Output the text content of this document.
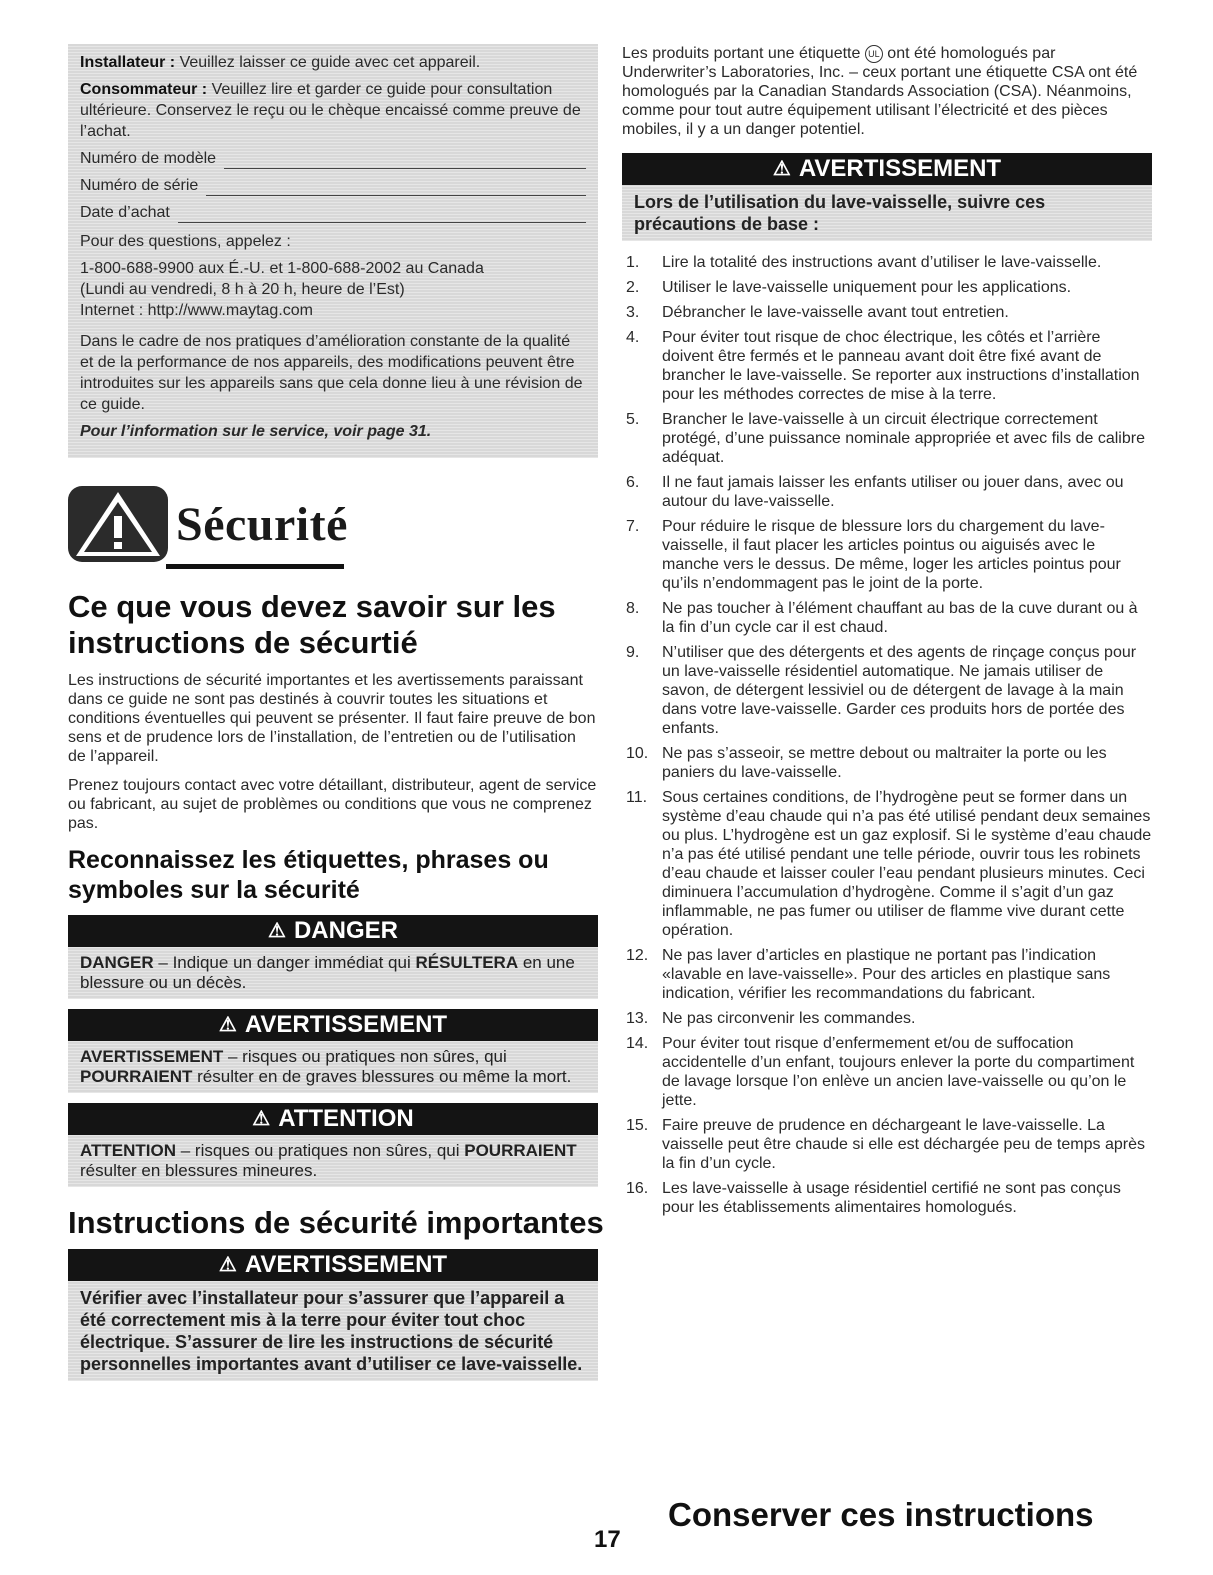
Installateur : Veuillez laisser ce guide avec cet appareil.

Consommateur : Veuillez lire et garder ce guide pour consultation ultérieure. Conservez le reçu ou le chèque encaissé comme preuve de l’achat.

Numéro de modèle
Numéro de série
Date d’achat

Pour des questions, appelez :

1-800-688-9900 aux É.-U. et 1-800-688-2002 au Canada

(Lundi au vendredi, 8 h à 20 h, heure de l’Est)

Internet : http://www.maytag.com

Dans le cadre de nos pratiques d’amélioration constante de la qualité et de la performance de nos appareils, des modifications peuvent être introduites sur les appareils sans que cela donne lieu à une révision de ce guide.

Pour l’information sur le service, voir page 31.

Sécurité
Ce que vous devez savoir sur les instructions de sécurtié

Les instructions de sécurité importantes et les avertissements paraissant dans ce guide ne sont pas destinés à couvrir toutes les situations et conditions éventuelles qui peuvent se présenter. Il faut faire preuve de bon sens et de prudence lors de l’installation, de l’entretien ou de l’utilisation de l’appareil.

Prenez toujours contact avec votre détaillant, distributeur, agent de service ou fabricant, au sujet de problèmes ou conditions que vous ne comprenez pas.

Reconnaissez les étiquettes, phrases ou symboles sur la sécurité
⚠ DANGER
DANGER – Indique un danger immédiat qui RÉSULTERA en une blessure ou un décès.
⚠ AVERTISSEMENT
AVERTISSEMENT – risques ou pratiques non sûres, qui POURRAIENT résulter en de graves blessures ou même la mort.
⚠ ATTENTION
ATTENTION – risques ou pratiques non sûres, qui POURRAIENT résulter en blessures mineures.
Instructions de sécurité importantes
⚠ AVERTISSEMENT
Vérifier avec l’installateur pour s’assurer que l’appareil a été correctement mis à la terre pour éviter tout choc électrique. S’assurer de lire les instructions de sécurité personnelles importantes avant d’utiliser ce lave-vaisselle.

Les produits portant une étiquette UL ont été homologués par Underwriter’s Laboratories, Inc. – ceux portant une étiquette CSA ont été homologués par la Canadian Standards Association (CSA). Néanmoins, comme pour tout autre équipement utilisant l’électricité et des pièces mobiles, il y a un danger potentiel.

⚠ AVERTISSEMENT
Lors de l’utilisation du lave-vaisselle, suivre ces précautions de base :
1.	Lire la totalité des instructions avant d’utiliser le lave-vaisselle.
2.	Utiliser le lave-vaisselle uniquement pour les applications.
3.	Débrancher le lave-vaisselle avant tout entretien.
4.	Pour éviter tout risque de choc électrique, les côtés et l’arrière doivent être fermés et le panneau avant doit être fixé avant de brancher le lave-vaisselle. Se reporter aux instructions d’installation pour les méthodes correctes de mise à la terre.
5.	Brancher le lave-vaisselle à un circuit électrique correctement protégé, d’une puissance nominale appropriée et avec fils de calibre adéquat.
6.	Il ne faut jamais laisser les enfants utiliser ou jouer dans, avec ou autour du lave-vaisselle.
7.	Pour réduire le risque de blessure lors du chargement du lave-vaisselle, il faut placer les articles pointus ou aiguisés avec le manche vers le dessus. De même, loger les articles pointus pour qu’ils n’endommagent pas le joint de la porte.
8.	Ne pas toucher à l’élément chauffant au bas de la cuve durant ou à la fin d’un cycle car il est chaud.
9.	N’utiliser que des détergents et des agents de rinçage conçus pour un lave-vaisselle résidentiel automatique. Ne jamais utiliser de savon, de détergent lessiviel ou de détergent de lavage à la main dans votre lave-vaisselle. Garder ces produits hors de portée des enfants.
10. Ne pas s’asseoir, se mettre debout ou maltraiter la porte ou les paniers du lave-vaisselle.
11. Sous certaines conditions, de l’hydrogène peut se former dans un système d’eau chaude qui n’a pas été utilisé pendant deux semaines ou plus. L’hydrogène est un gaz explosif. Si le système d’eau chaude n’a pas été utilisé pendant une telle période, ouvrir tous les robinets d’eau chaude et laisser couler l’eau pendant plusieurs minutes. Ceci diminuera l’accumulation d’hydrogène. Comme il s’agit d’un gaz inflammable, ne pas fumer ou utiliser de flamme vive durant cette opération.
12. Ne pas laver d’articles en plastique ne portant pas l’indication «lavable en lave-vaisselle». Pour des articles en plastique sans indication, vérifier les recommandations du fabricant.
13. Ne pas circonvenir les commandes.
14. Pour éviter tout risque d’enfermement et/ou de suffocation accidentelle d’un enfant, toujours enlever la porte du compartiment de lavage lorsque l’on enlève un ancien lave-vaisselle ou qu’on le jette.
15. Faire preuve de prudence en déchargeant le lave-vaisselle. La vaisselle peut être chaude si elle est déchargée peu de temps après la fin d’un cycle.
16. Les lave-vaisselle à usage résidentiel certifié ne sont pas conçus pour les établissements alimentaires homologués.
17
Conserver ces instructions
